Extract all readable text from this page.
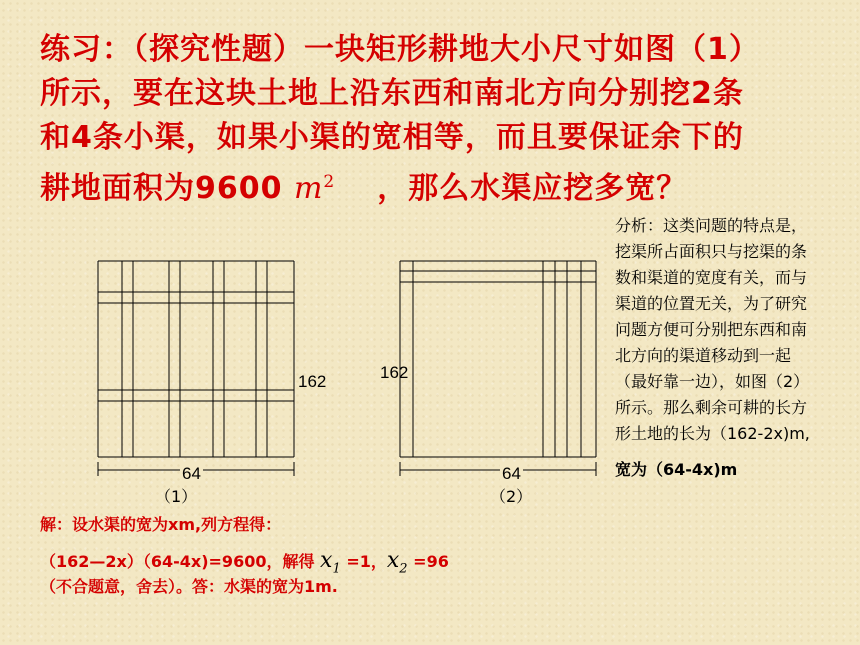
练习：（探究性题）一块矩形耕地大小尺寸如图（1）
所示，要在这块土地上沿东西和南北方向分别挖2条
和4条小渠，如果小渠的宽相等，而且要保证余下的
耕地面积为9600 $m^2$ ，那么水渠应挖多宽？
162
64
（1）
162
64
（2）
分析：这类问题的特点是，挖渠所占面积只与挖渠的条数和渠道的宽度有关，而与渠道的位置无关，为了研究问题方便可分别把东西和南北方向的渠道移动到一起（最好靠一边），如图（2）所示。那么剩余可耕的长方形土地的长为（162-2x)m,
宽为（64-4x)m
解：设水渠的宽为xm,列方程得：
（162—2x）（64-4x)=9600，解得 $x_1 =1$，$x_2 =96$
（不合题意，舍去）。答：水渠的宽为1m.
